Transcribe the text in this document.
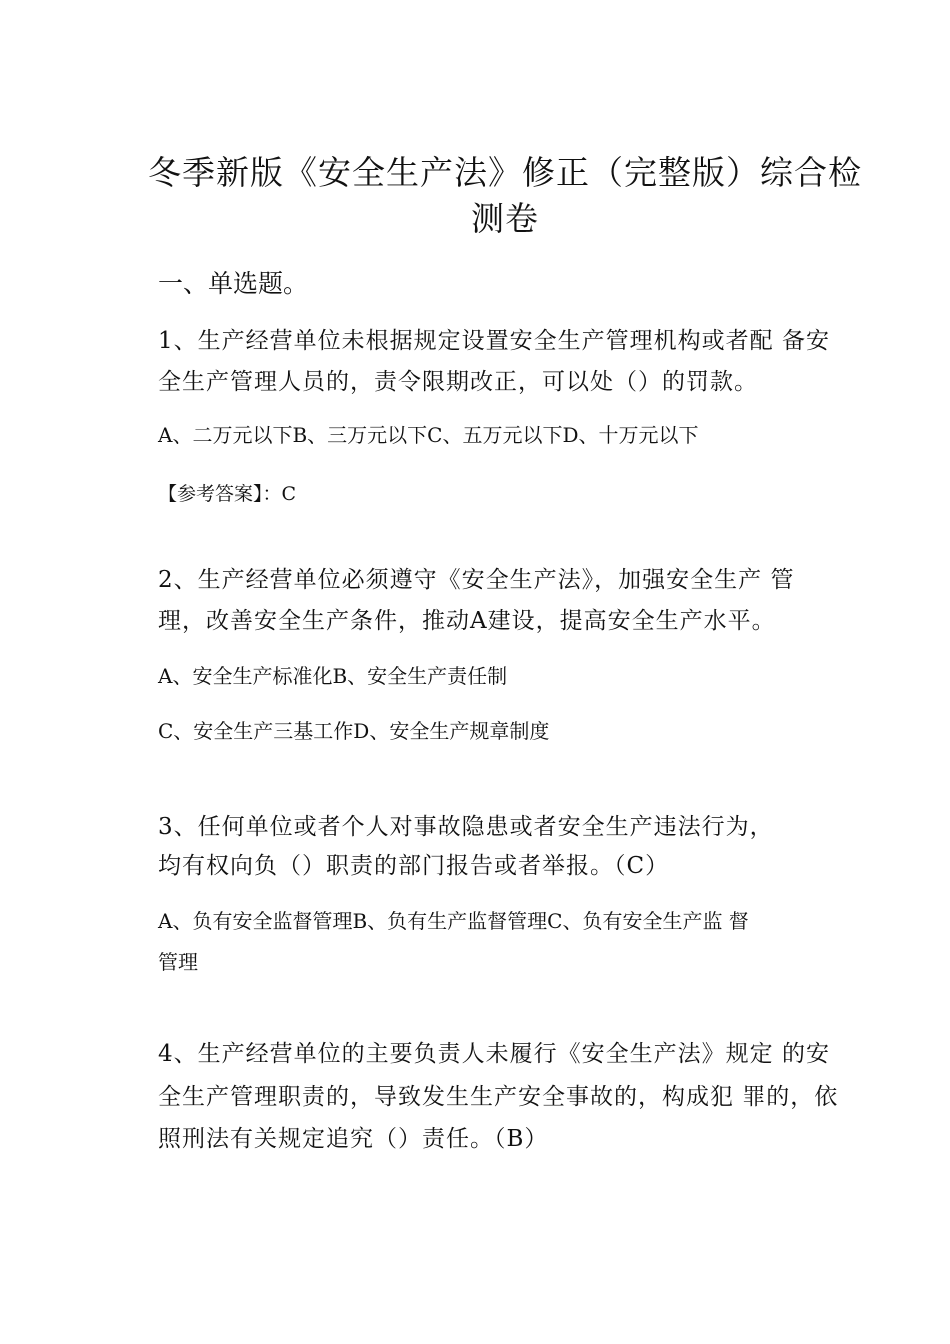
冬季新版《安全生产法》修正（完整版）综合检
测卷
一、单选题。

1、生产经营单位未根据规定设置安全生产管理机构或者配 备安

全生产管理人员的，责令限期改正，可以处（）的罚款。

A、二万元以下B、三万元以下C、五万元以下D、十万元以下

【参考答案】：C

2、生产经营单位必须遵守《安全生产法》，加强安全生产 管

理，改善安全生产条件，推动A建设，提高安全生产水平。

A、安全生产标准化B、安全生产责任制

C、安全生产三基工作D、安全生产规章制度

3、任何单位或者个人对事故隐患或者安全生产违法行为，

均有权向负（）职责的部门报告或者举报。（C）

A、负有安全监督管理B、负有生产监督管理C、负有安全生产监 督

管理

4、生产经营单位的主要负责人未履行《安全生产法》规定 的安

全生产管理职责的，导致发生生产安全事故的，构成犯 罪的，依

照刑法有关规定追究（）责任。（B）
